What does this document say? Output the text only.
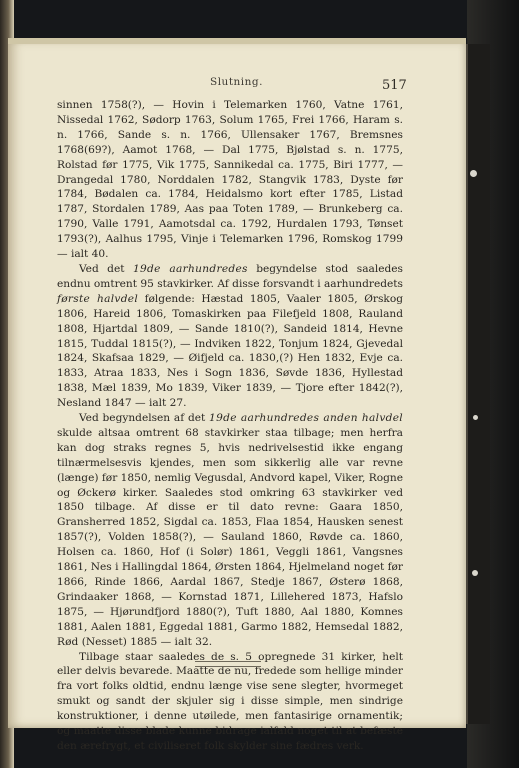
Slutning.	517

sinnen 1758(?), — Hovin i Telemarken 1760, Vatne 1761, Nissedal 1762, Sødorp 1763, Solum 1765, Frei 1766, Haram s. n. 1766, Sande s. n. 1766, Ullensaker 1767, Bremsnes 1768(69?), Aamot 1768, — Dal 1775, Bjølstad s. n. 1775, Rolstad før 1775, Vik 1775, Sannikedal ca. 1775, Biri 1777, — Drangedal 1780, Norddalen 1782, Stangvik 1783, Dyste før 1784, Bødalen ca. 1784, Heidalsmo kort efter 1785, Listad 1787, Stordalen 1789, Aas paa Toten 1789, — Brunkeberg ca. 1790, Valle 1791, Aamotsdal ca. 1792, Hurdalen 1793, Tønset 1793(?), Aalhus 1795, Vinje i Telemarken 1796, Romskog 1799 — ialt 40.

Ved det 19de aarhundredes begyndelse stod saaledes endnu omtrent 95 stavkirker. Af disse forsvandt i aarhundredets første halvdel følgende: Hæstad 1805, Vaaler 1805, Ørskog 1806, Hareid 1806, Tomaskirken paa Filefjeld 1808, Rauland 1808, Hjartdal 1809, — Sande 1810(?), Sandeid 1814, Hevne 1815, Tuddal 1815(?), — Indviken 1822, Tonjum 1824, Gjevedal 1824, Skafsaa 1829, — Øifjeld ca. 1830,(?) Hen 1832, Evje ca. 1833, Atraa 1833, Nes i Sogn 1836, Søvde 1836, Hyllestad 1838, Mæl 1839, Mo 1839, Viker 1839, — Tjore efter 1842(?), Nesland 1847 — ialt 27.

Ved begyndelsen af det 19de aarhundredes anden halvdel skulde altsaa omtrent 68 stavkirker staa tilbage; men herfra kan dog straks regnes 5, hvis nedrivelsestid ikke engang tilnærmelsesvis kjendes, men som sikkerlig alle var revne (længe) før 1850, nemlig Vegusdal, Andvord kapel, Viker, Rogne og Øckerø kirker. Saaledes stod omkring 63 stavkirker ved 1850 tilbage. Af disse er til dato revne: Gaara 1850, Gransherred 1852, Sigdal ca. 1853, Flaa 1854, Hausken senest 1857(?), Volden 1858(?), — Sauland 1860, Røvde ca. 1860, Holsen ca. 1860, Hof (i Solør) 1861, Veggli 1861, Vangsnes 1861, Nes i Hallingdal 1864, Ørsten 1864, Hjelmeland noget før 1866, Rinde 1866, Aardal 1867, Stedje 1867, Østerø 1868, Grindaaker 1868, — Kornstad 1871, Lillehered 1873, Hafslo 1875, — Hjørundfjord 1880(?), Tuft 1880, Aal 1880, Komnes 1881, Aalen 1881, Eggedal 1881, Garmo 1882, Hemsedal 1882, Rød (Nesset) 1885 — ialt 32.

Tilbage staar saaledes de s. 5 opregnede 31 kirker, helt eller delvis bevarede. Maatte de nu, fredede som hellige minder fra vort folks oldtid, endnu længe vise sene slegter, hvormeget smukt og sandt der skjuler sig i disse simple, men sindrige konstruktioner, i denne utøilede, men fantasirige ornamentik; og maatte disse blade kunne bidrage ialfald noget til at befæste den ærefrygt, et civiliseret folk skylder sine fædres verk.
